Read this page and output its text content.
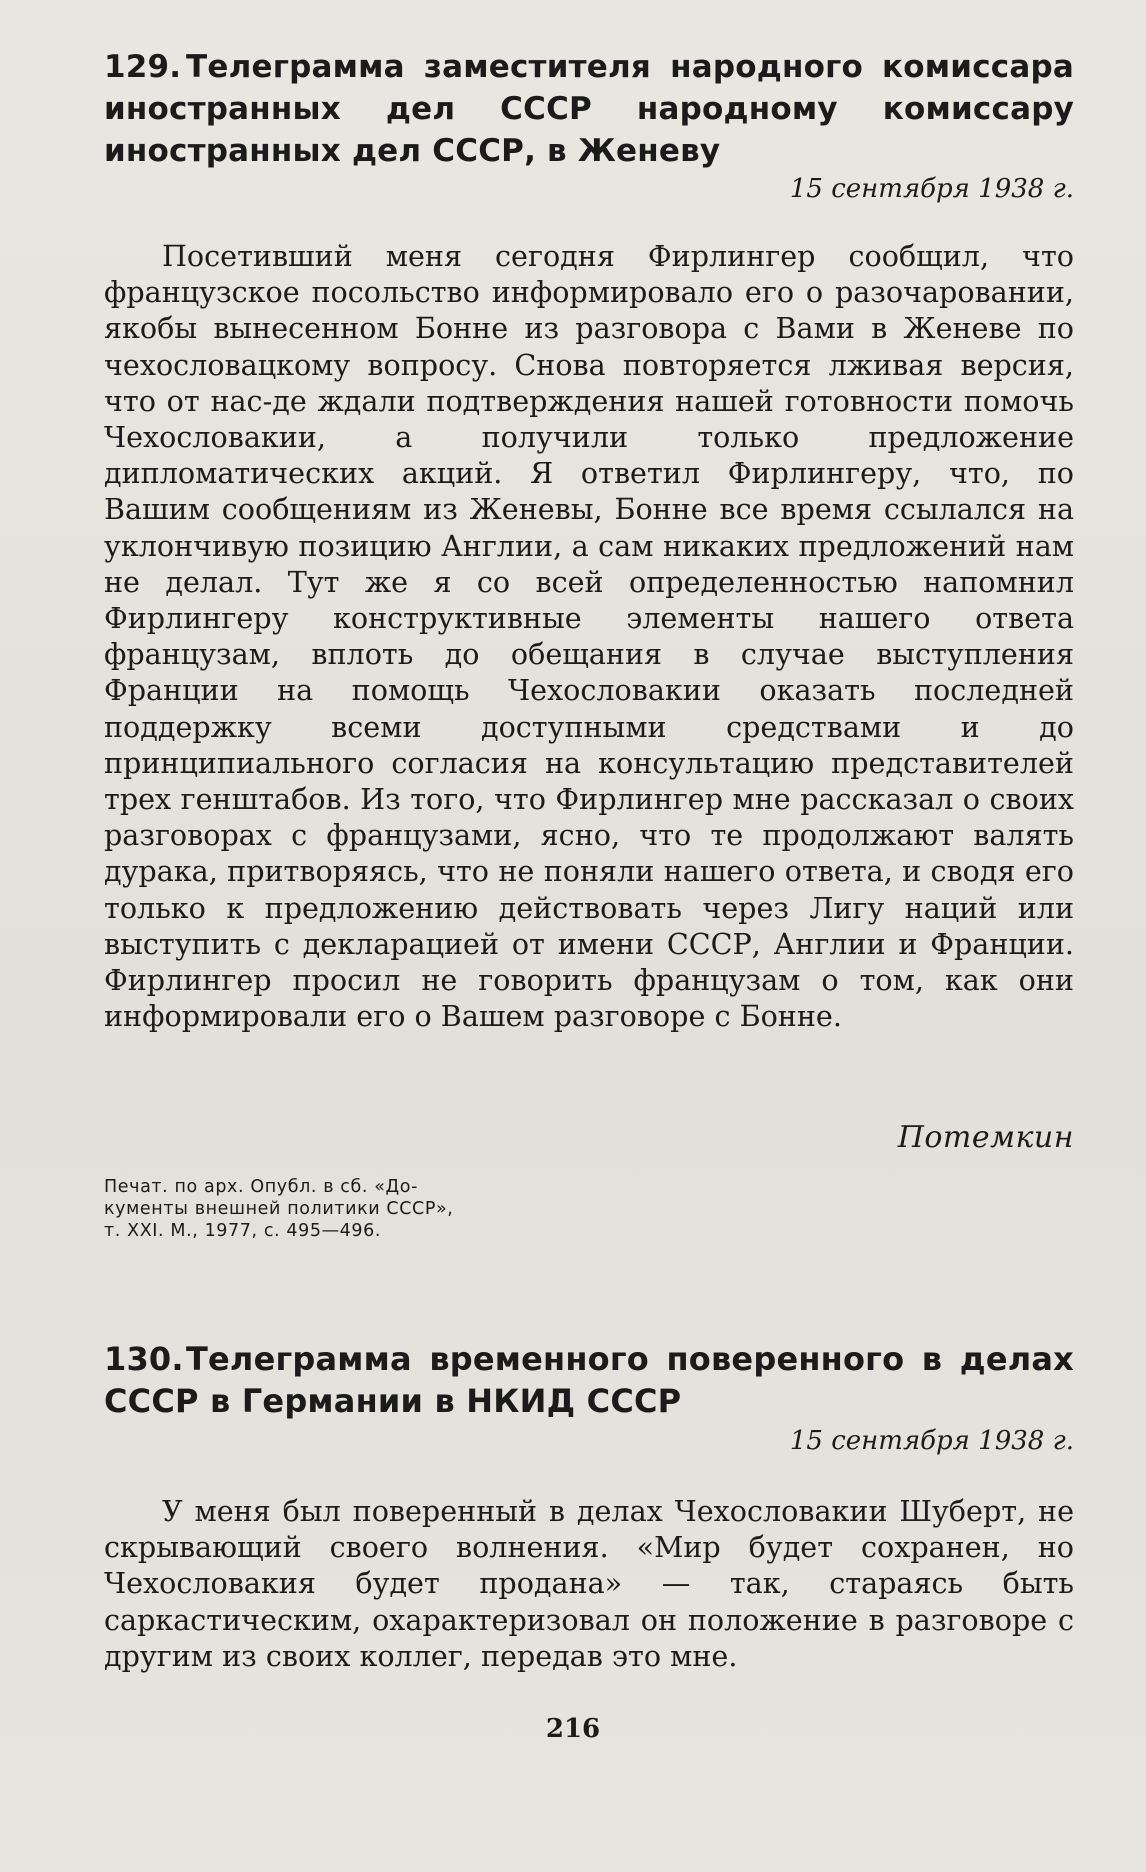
129. Телеграмма заместителя народного комиссара иностранных дел СССР народному комиссару иностранных дел СССР, в Женеву
15 сентября 1938 г.

Посетивший меня сегодня Фирлингер сообщил, что французское посольство информировало его о разочаровании, якобы вынесенном Бонне из разговора с Вами в Женеве по чехословацкому вопросу. Снова повторяется лживая версия, что от нас-де ждали подтверждения нашей готовности помочь Чехословакии, а получили только предложение дипломатических акций. Я ответил Фирлингеру, что, по Вашим сообщениям из Женевы, Бонне все время ссылался на уклончивую позицию Англии, а сам никаких предложений нам не делал. Тут же я со всей определенностью напомнил Фирлингеру конструктивные элементы нашего ответа французам, вплоть до обещания в случае выступления Франции на помощь Чехословакии оказать последней поддержку всеми доступными средствами и до принципиального согласия на консультацию представителей трех генштабов. Из того, что Фирлингер мне рассказал о своих разговорах с французами, ясно, что те продолжают валять дурака, притворяясь, что не поняли нашего ответа, и сводя его только к предложению действовать через Лигу наций или выступить с декларацией от имени СССР, Англии и Франции. Фирлингер просил не говорить французам о том, как они информировали его о Вашем разговоре с Бонне.

Потемкин
Печат. по арх. Опубл. в сб. «До-
кументы внешней политики СССР»,
т. XXI. М., 1977, с. 495—496.
130.Телеграмма временного поверенного в делах СССР в Германии в НКИД СССР
15 сентября 1938 г.

У меня был поверенный в делах Чехословакии Шуберт, не скрывающий своего волнения. «Мир будет сохранен, но Чехословакия будет продана» — так, стараясь быть саркастическим, охарактеризовал он положение в разговоре с другим из своих коллег, передав это мне.

216
